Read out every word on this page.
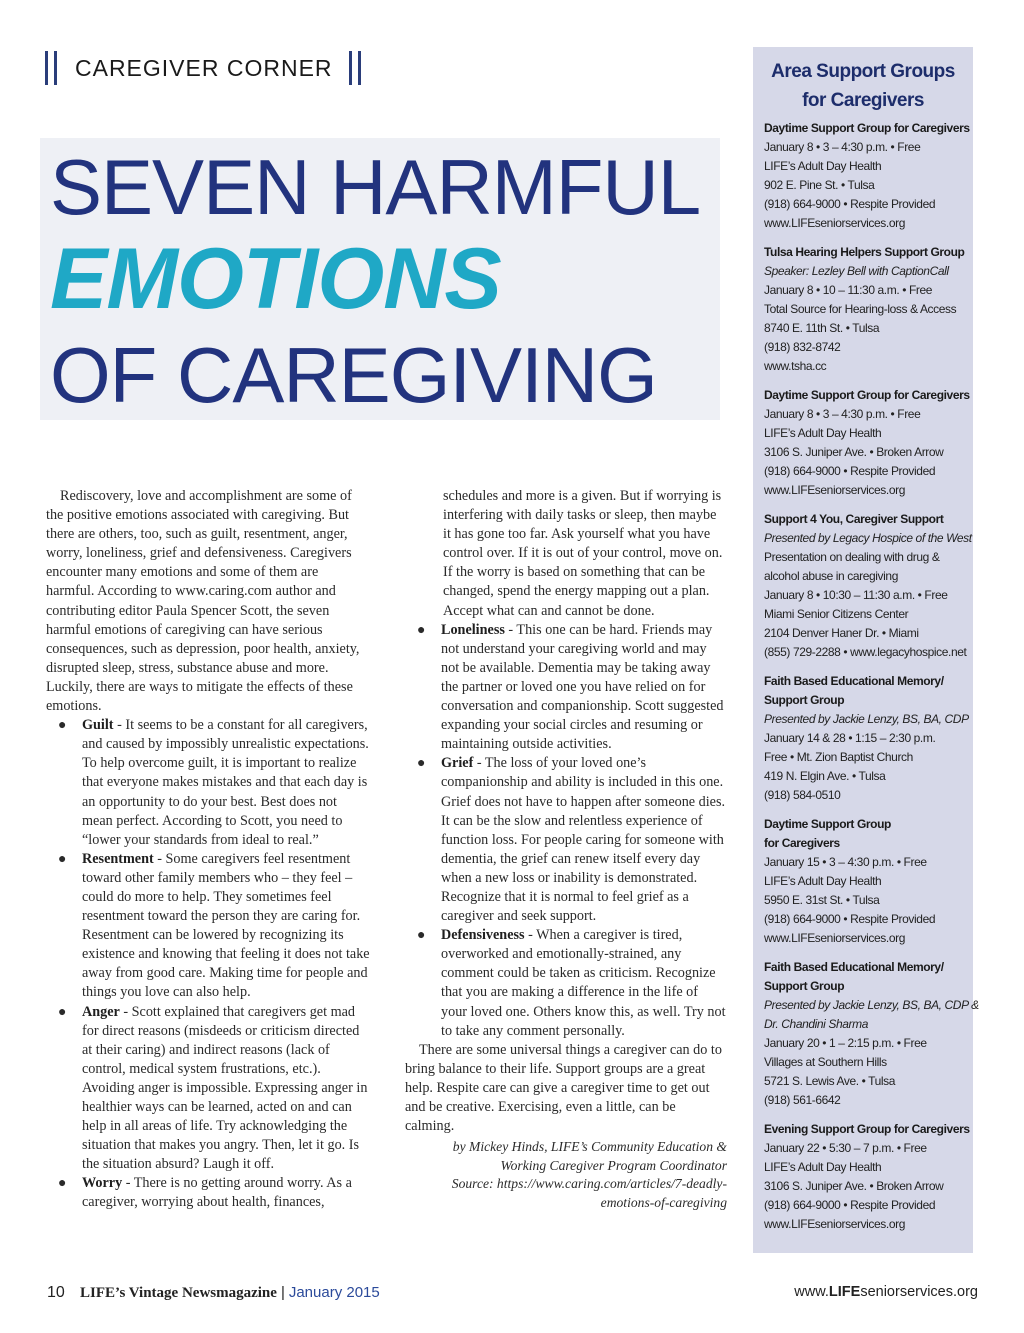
CAREGIVER CORNER
SEVEN HARMFUL
EMOTIONS
OF CAREGIVING

Rediscovery, love and accomplishment are some of the positive emotions associated with caregiving. But there are others, too, such as guilt, resentment, anger, worry, loneliness, grief and defensiveness. Caregivers encounter many emotions and some of them are harmful. According to www.caring.com author and contributing editor Paula Spencer Scott, the seven harmful emotions of caregiving can have serious consequences, such as depression, poor health, anxiety, disrupted sleep, stress, substance abuse and more. Luckily, there are ways to mitigate the effects of these emotions.

● Guilt - It seems to be a constant for all caregivers, and caused by impossibly unrealistic expectations. To help overcome guilt, it is important to realize that everyone makes mistakes and that each day is an opportunity to do your best. Best does not mean perfect. According to Scott, you need to “lower your standards from ideal to real.”
● Resentment - Some caregivers feel resentment toward other family members who – they feel – could do more to help. They sometimes feel resentment toward the person they are caring for. Resentment can be lowered by recognizing its existence and knowing that feeling it does not take away from good care. Making time for people and things you love can also help.
● Anger - Scott explained that caregivers get mad for direct reasons (misdeeds or criticism directed at their caring) and indirect reasons (lack of control, medical system frustrations, etc.). Avoiding anger is impossible. Expressing anger in healthier ways can be learned, acted on and can help in all areas of life. Try acknowledging the situation that makes you angry. Then, let it go. Is the situation absurd? Laugh it off.
● Worry - There is no getting around worry. As a caregiver, worrying about health, finances,
schedules and more is a given. But if worrying is interfering with daily tasks or sleep, then maybe it has gone too far. Ask yourself what you have control over. If it is out of your control, move on. If the worry is based on something that can be changed, spend the energy mapping out a plan. Accept what can and cannot be done.
● Loneliness - This one can be hard. Friends may not understand your caregiving world and may not be available. Dementia may be taking away the partner or loved one you have relied on for conversation and companionship. Scott suggested expanding your social circles and resuming or maintaining outside activities.
● Grief - The loss of your loved one’s companionship and ability is included in this one. Grief does not have to happen after someone dies. It can be the slow and relentless experience of function loss. For people caring for someone with dementia, the grief can renew itself every day when a new loss or inability is demonstrated. Recognize that it is normal to feel grief as a caregiver and seek support.
● Defensiveness - When a caregiver is tired, overworked and emotionally-strained, any comment could be taken as criticism. Recognize that you are making a difference in the life of your loved one. Others know this, as well. Try not to take any comment personally.

There are some universal things a caregiver can do to bring balance to their life. Support groups are a great help. Respite care can give a caregiver time to get out and be creative. Exercising, even a little, can be calming.

by Mickey Hinds, LIFE’s Community Education &
Working Caregiver Program Coordinator
Source: https://www.caring.com/articles/7-deadly-
emotions-of-caregiving
Area Support Groups
for Caregivers
Daytime Support Group for Caregivers
January 8 • 3 – 4:30 p.m. • Free
LIFE’s Adult Day Health
902 E. Pine St. • Tulsa
(918) 664-9000 • Respite Provided
www.LIFEseniorservices.org
Tulsa Hearing Helpers Support Group
Speaker: Lezley Bell with CaptionCall
January 8 • 10 – 11:30 a.m. • Free
Total Source for Hearing-loss & Access
8740 E. 11th St. • Tulsa
(918) 832-8742
www.tsha.cc
Daytime Support Group for Caregivers
January 8 • 3 – 4:30 p.m. • Free
LIFE’s Adult Day Health
3106 S. Juniper Ave. • Broken Arrow
(918) 664-9000 • Respite Provided
www.LIFEseniorservices.org
Support 4 You, Caregiver Support
Presented by Legacy Hospice of the West
Presentation on dealing with drug &
alcohol abuse in caregiving
January 8 • 10:30 – 11:30 a.m. • Free
Miami Senior Citizens Center
2104 Denver Haner Dr. • Miami
(855) 729-2288 • www.legacyhospice.net
Faith Based Educational Memory/
Support Group
Presented by Jackie Lenzy, BS, BA, CDP
January 14 & 28 • 1:15 – 2:30 p.m.
Free • Mt. Zion Baptist Church
419 N. Elgin Ave. • Tulsa
(918) 584-0510
Daytime Support Group
for Caregivers
January 15 • 3 – 4:30 p.m. • Free
LIFE’s Adult Day Health
5950 E. 31st St. • Tulsa
(918) 664-9000 • Respite Provided
www.LIFEseniorservices.org
Faith Based Educational Memory/
Support Group
Presented by Jackie Lenzy, BS, BA, CDP &
Dr. Chandini Sharma
January 20 • 1 – 2:15 p.m. • Free
Villages at Southern Hills
5721 S. Lewis Ave. • Tulsa
(918) 561-6642
Evening Support Group for Caregivers
January 22 • 5:30 – 7 p.m. • Free
LIFE’s Adult Day Health
3106 S. Juniper Ave. • Broken Arrow
(918) 664-9000 • Respite Provided
www.LIFEseniorservices.org
10 LIFE’s Vintage Newsmagazine | January 2015	www.LIFEseniorservices.org
